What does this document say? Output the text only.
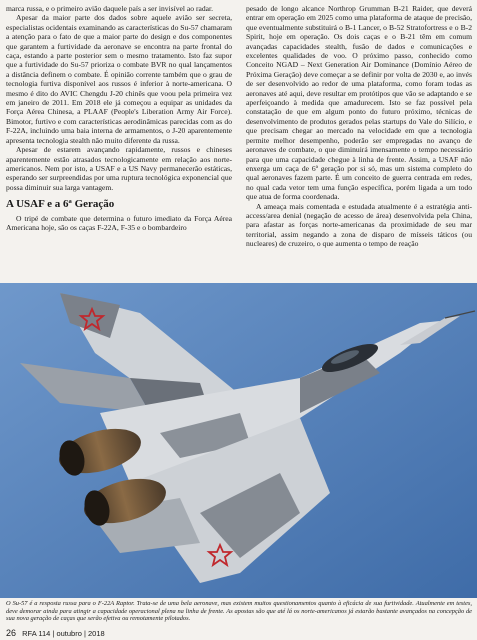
marca russa, e o primeiro avião daquele país a ser invisível ao radar.

Apesar da maior parte dos dados sobre aquele avião ser secreta, especialistas ocidentais examinando as características do Su-57 chamaram a atenção para o fato de que a maior parte do design e dos componentes que garantem a furtividade da aeronave se encontra na parte frontal do caça, estando a parte posterior sem o mesmo tratamento. Isto faz supor que a furtividade do Su-57 prioriza o combate BVR no qual lançamentos a distância definem o combate. É opinião corrente também que o grau de tecnologia furtiva disponível aos russos é inferior à norte-americana. O mesmo é dito do AVIC Chengdu J-20 chinês que voou pela primeira vez em janeiro de 2011. Em 2018 ele já começou a equipar as unidades da Força Aérea Chinesa, a PLAAF (People's Liberation Army Air Force). Bimotor, furtivo e com características aerodinâmicas parecidas com as do F-22A, incluindo uma baia interna de armamentos, o J-20 aparentemente apresenta tecnologia stealth não muito diferente da russa.

Apesar de estarem avançando rapidamente, russos e chineses aparentemente estão atrasados tecnologicamente em relação aos norte-americanos. Nem por isto, a USAF e a US Navy permanecerão estáticas, esperando ser surpreendidas por uma ruptura tecnológica exponencial que possa diminuir sua larga vantagem.

A USAF e a 6ª Geração

O tripé de combate que determina o futuro imediato da Força Aérea Americana hoje, são os caças F-22A, F-35 e o bombardeiro

pesado de longo alcance Northrop Grumman B-21 Raider, que deverá entrar em operação em 2025 como uma plataforma de ataque de precisão, que eventualmente substituirá o B-1 Lancer, o B-52 Stratofortress e o B-2 Spirit, hoje em operação. Os dois caças e o B-21 têm em comum avançadas capacidades stealth, fusão de dados e comunicações e excelentes qualidades de voo. O próximo passo, conhecido como Conceito NGAD – Next Generation Air Dominance (Domínio Aéreo de Próxima Geração) deve começar a se definir por volta de 2030 e, ao invés de ser desenvolvido ao redor de uma plataforma, como foram todas as aeronaves até aqui, deve resultar em protótipos que vão se adaptando e se aperfeiçoando à medida que amadurecem. Isto se faz possível pela constatação de que em algum ponto do futuro próximo, técnicas de desenvolvimento de produtos gerados pelas startups do Vale do Silício, e que precisam chegar ao mercado na velocidade em que a tecnologia permite melhor desempenho, poderão ser empregadas no avanço de aeronaves de combate, o que diminuirá imensamente o tempo necessário para que uma capacidade chegue à linha de frente. Assim, a USAF não enxerga um caça de 6ª geração por si só, mas um sistema completo do qual aeronaves fazem parte. É um conceito de guerra centrada em redes, no qual cada vetor tem uma função específica, porém ligada a um todo que atua de forma coordenada.

A ameaça mais comentada e estudada atualmente é a estratégia anti-access/area denial (negação de acesso de área) desenvolvida pela China, para afastar as forças norte-americanas da proximidade de seu mar territorial, assim negando a zona de disparo de mísseis táticos (ou nucleares) de cruzeiro, o que aumenta o tempo de reação

O Su-57 é a resposta russa para o F-22A Raptor. Trata-se de uma bela aeronave, mas existem muitos questionamentos quanto à eficácia de sua furtividade. Atualmente em testes, deve demorar ainda para atingir a capacidade operacional plena na linha de frente. As apostas são que até lá os norte-americanos já estarão bastante avançados na concepção de sua nova geração de caças que serão efetiva ou remotamente pilotados.
26 RFA 114 | outubro | 2018
